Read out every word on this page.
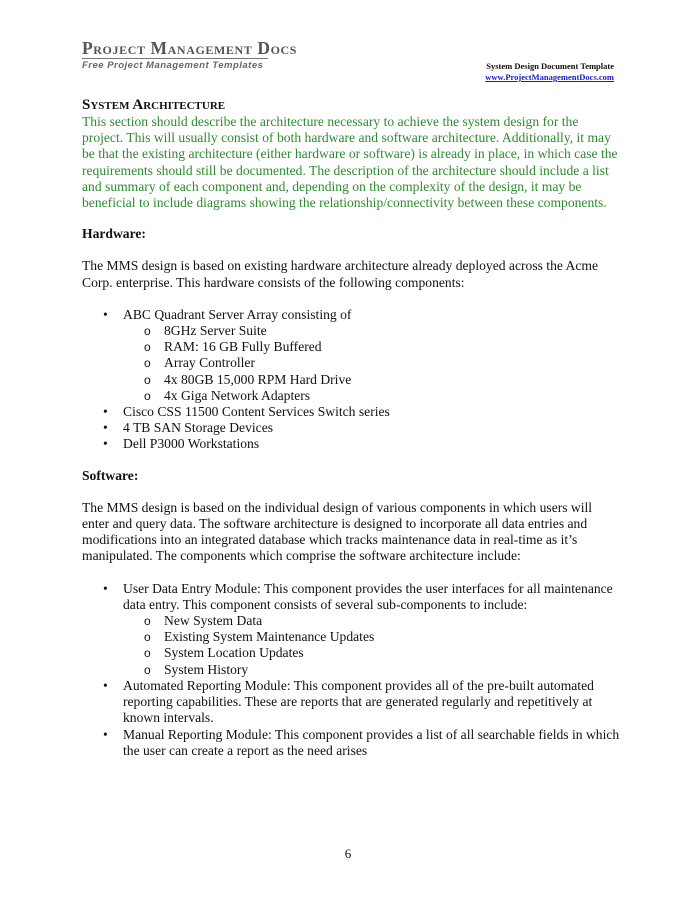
Project Management Docs
Free Project Management Templates	System Design Document Template
www.ProjectManagementDocs.com
System Architecture

This section should describe the architecture necessary to achieve the system design for the project. This will usually consist of both hardware and software architecture. Additionally, it may be that the existing architecture (either hardware or software) is already in place, in which case the requirements should still be documented. The description of the architecture should include a list and summary of each component and, depending on the complexity of the design, it may be beneficial to include diagrams showing the relationship/connectivity between these components.

Hardware:

The MMS design is based on existing hardware architecture already deployed across the Acme Corp. enterprise. This hardware consists of the following components:

• ABC Quadrant Server Array consisting of
o 8GHz Server Suite
o RAM: 16 GB Fully Buffered
o Array Controller
o 4x 80GB 15,000 RPM Hard Drive
o 4x Giga Network Adapters
• Cisco CSS 11500 Content Services Switch series
• 4 TB SAN Storage Devices
• Dell P3000 Workstations

Software:

The MMS design is based on the individual design of various components in which users will enter and query data. The software architecture is designed to incorporate all data entries and modifications into an integrated database which tracks maintenance data in real-time as it’s manipulated. The components which comprise the software architecture include:

• User Data Entry Module: This component provides the user interfaces for all maintenance data entry. This component consists of several sub-components to include:
o New System Data
o Existing System Maintenance Updates
o System Location Updates
o System History
• Automated Reporting Module: This component provides all of the pre-built automated reporting capabilities. These are reports that are generated regularly and repetitively at known intervals.
• Manual Reporting Module: This component provides a list of all searchable fields in which the user can create a report as the need arises
6
